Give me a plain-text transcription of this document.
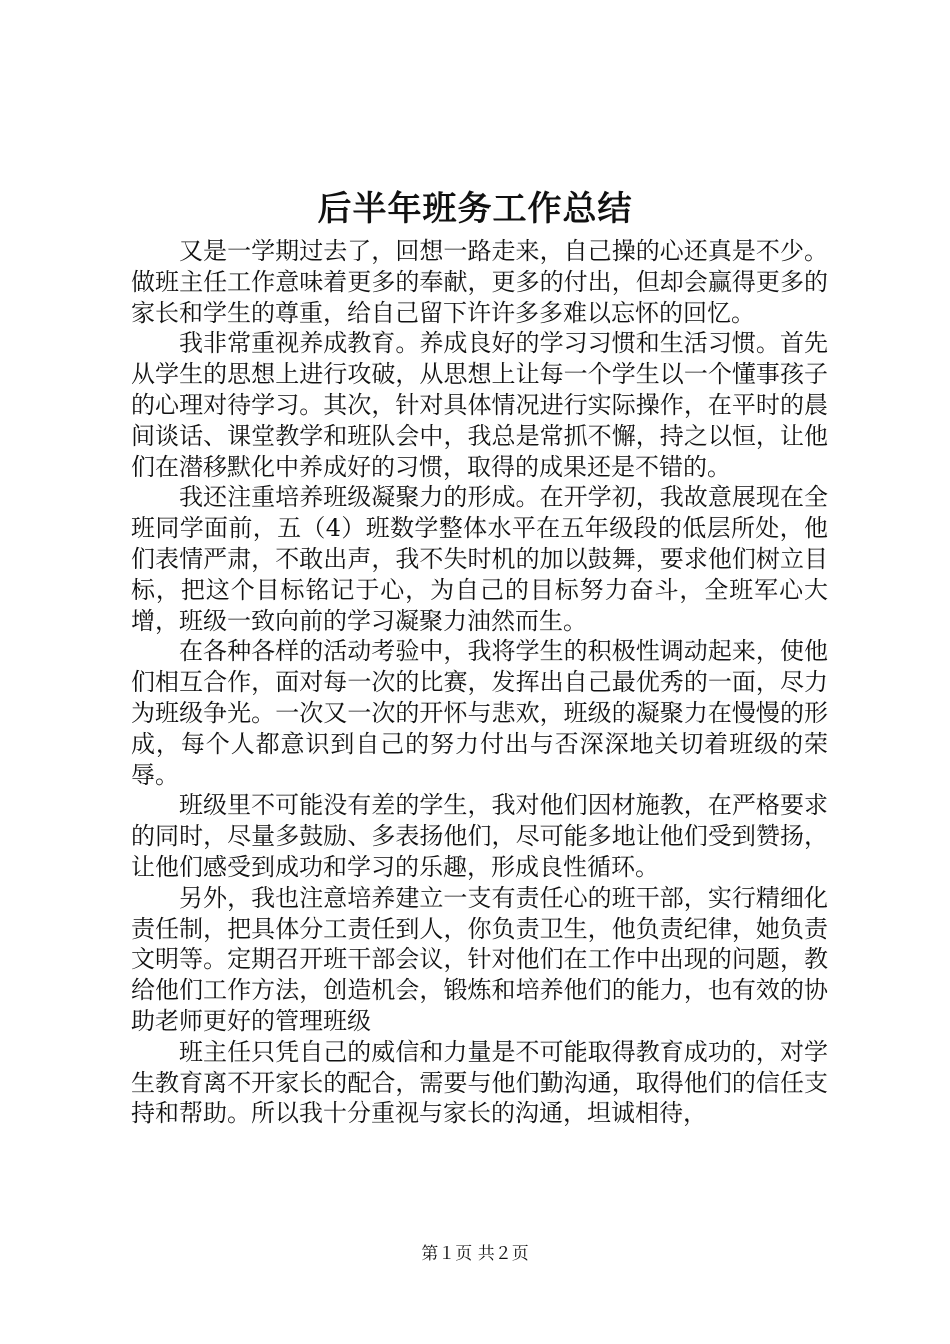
后半年班务工作总结

又是一学期过去了，回想一路走来，自己操的心还真是不少。做班主任工作意味着更多的奉献，更多的付出，但却会赢得更多的家长和学生的尊重，给自己留下许许多多难以忘怀的回忆。

我非常重视养成教育。养成良好的学习习惯和生活习惯。首先从学生的思想上进行攻破，从思想上让每一个学生以一个懂事孩子的心理对待学习。其次，针对具体情况进行实际操作，在平时的晨间谈话、课堂教学和班队会中，我总是常抓不懈，持之以恒，让他们在潜移默化中养成好的习惯，取得的成果还是不错的。

我还注重培养班级凝聚力的形成。在开学初，我故意展现在全班同学面前，五（4）班数学整体水平在五年级段的低层所处，他们表情严肃，不敢出声，我不失时机的加以鼓舞，要求他们树立目标，把这个目标铭记于心，为自己的目标努力奋斗，全班军心大增，班级一致向前的学习凝聚力油然而生。

在各种各样的活动考验中，我将学生的积极性调动起来，使他们相互合作，面对每一次的比赛，发挥出自己最优秀的一面，尽力为班级争光。一次又一次的开怀与悲欢，班级的凝聚力在慢慢的形成，每个人都意识到自己的努力付出与否深深地关切着班级的荣辱。

班级里不可能没有差的学生，我对他们因材施教，在严格要求的同时，尽量多鼓励、多表扬他们，尽可能多地让他们受到赞扬，让他们感受到成功和学习的乐趣，形成良性循环。

另外，我也注意培养建立一支有责任心的班干部，实行精细化责任制，把具体分工责任到人，你负责卫生，他负责纪律，她负责文明等。定期召开班干部会议，针对他们在工作中出现的问题，教给他们工作方法，创造机会，锻炼和培养他们的能力，也有效的协助老师更好的管理班级

班主任只凭自己的威信和力量是不可能取得教育成功的，对学生教育离不开家长的配合，需要与他们勤沟通，取得他们的信任支持和帮助。所以我十分重视与家长的沟通，坦诚相待，

第１页 共２页
